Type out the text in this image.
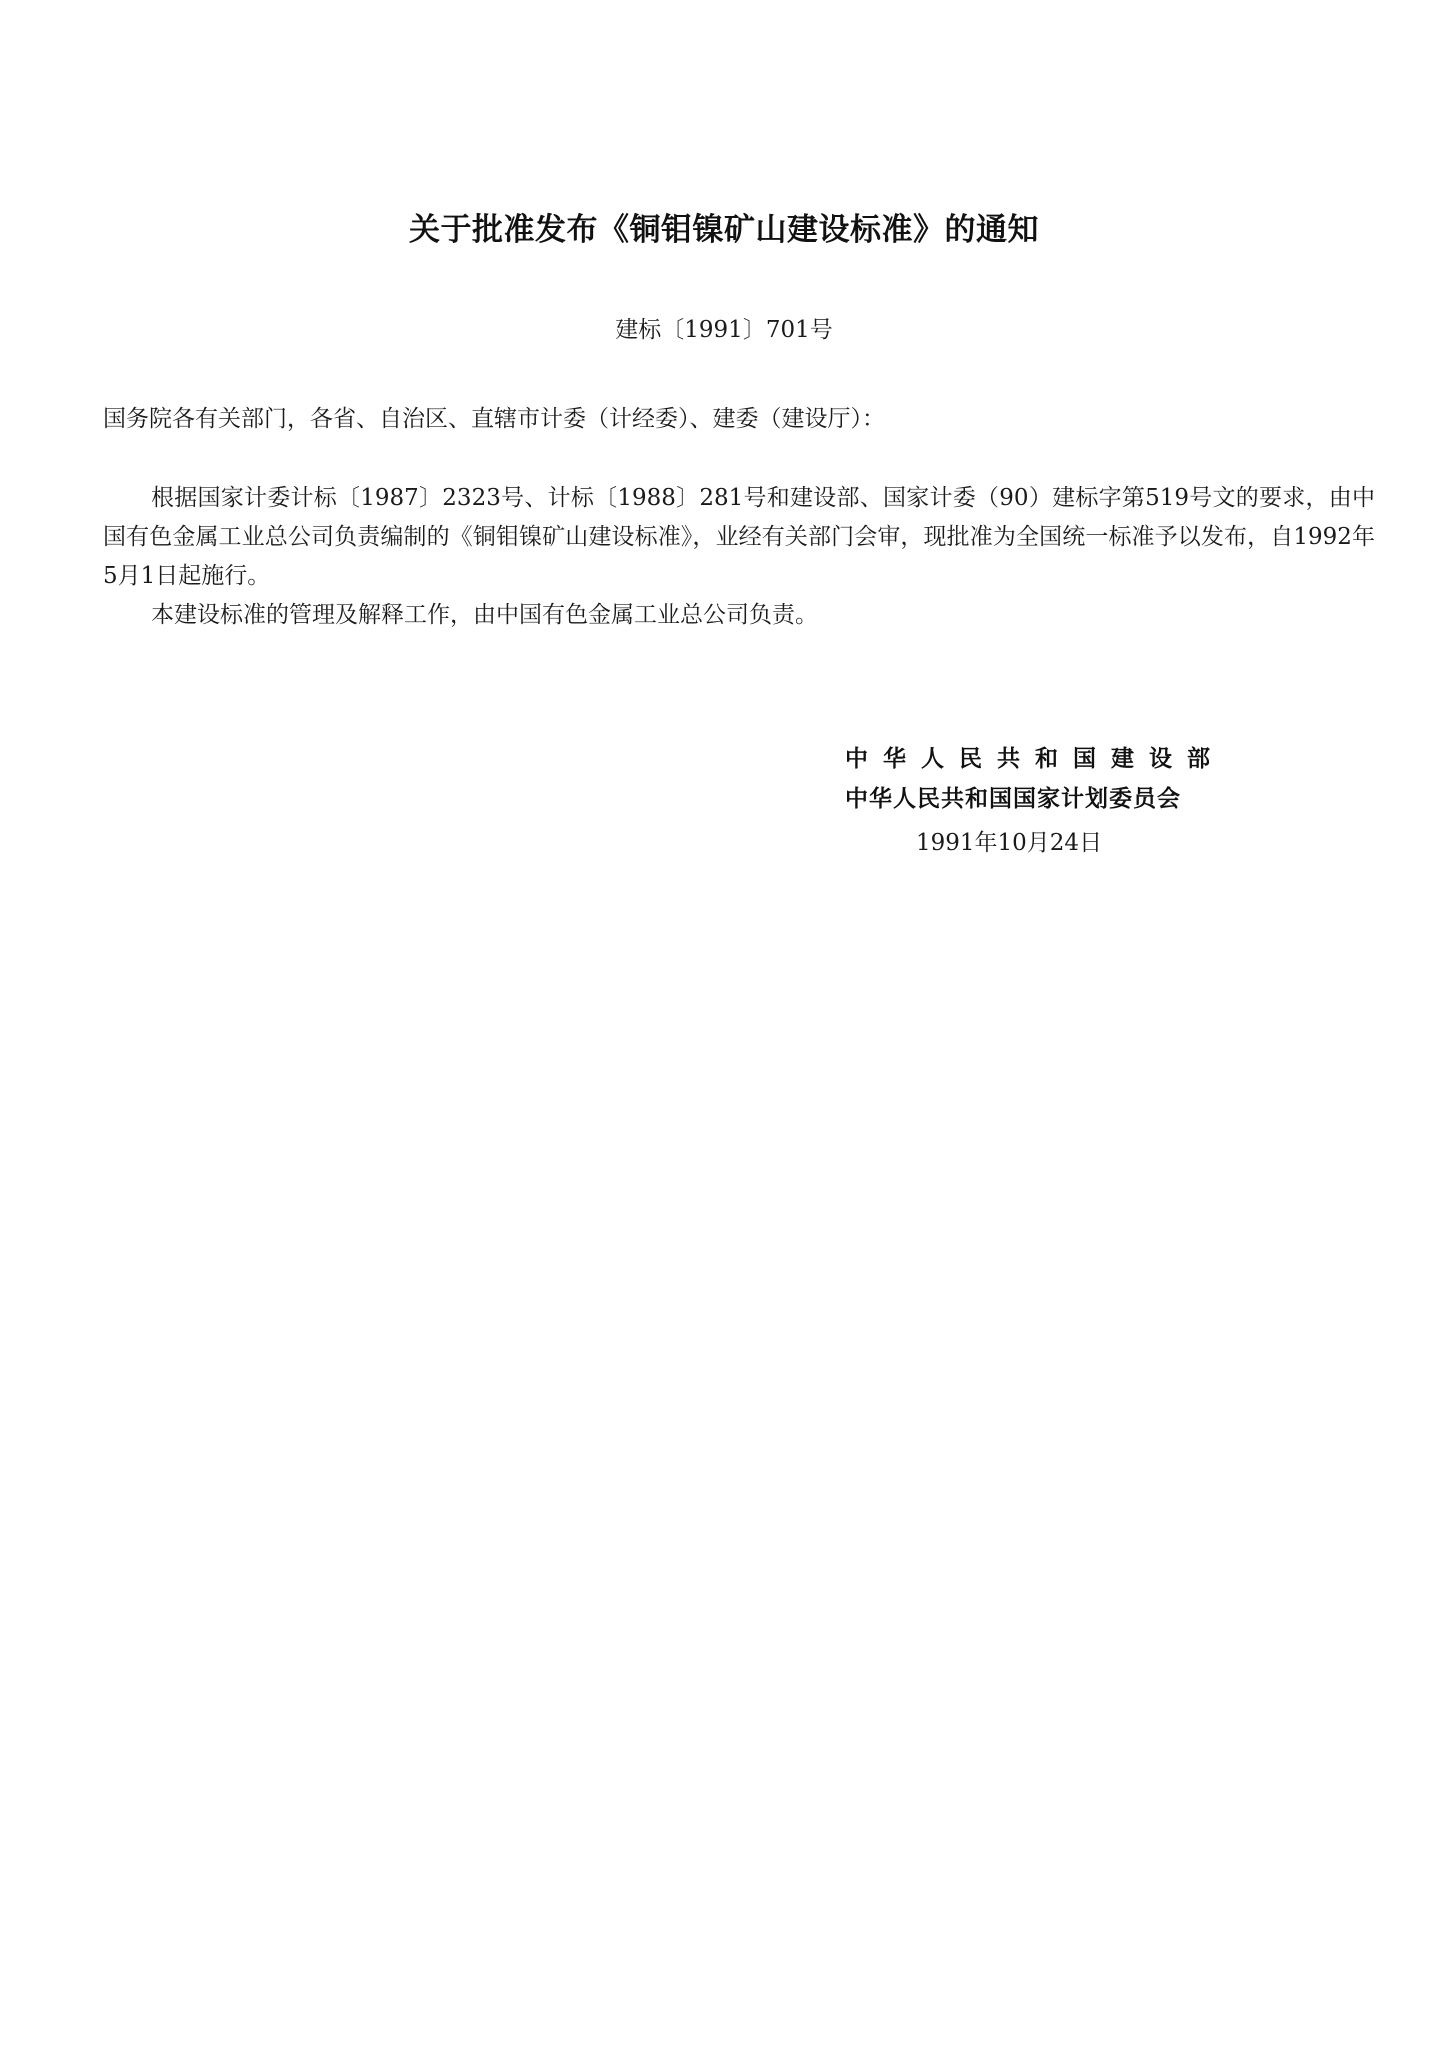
关于批准发布《铜钼镍矿山建设标准》的通知
建标〔1991〕701号
国务院各有关部门，各省、自治区、直辖市计委（计经委）、建委（建设厅）：
根据国家计委计标〔1987〕2323号、计标〔1988〕281号和建设部、国家计委（90）建标字第519号文的要求，由中国有色金属工业总公司负责编制的《铜钼镍矿山建设标准》，业经有关部门会审，现批准为全国统一标准予以发布，自1992年5月1日起施行。
本建设标准的管理及解释工作，由中国有色金属工业总公司负责。
中华人民共和国建设部
中华人民共和国国家计划委员会
1991年10月24日
